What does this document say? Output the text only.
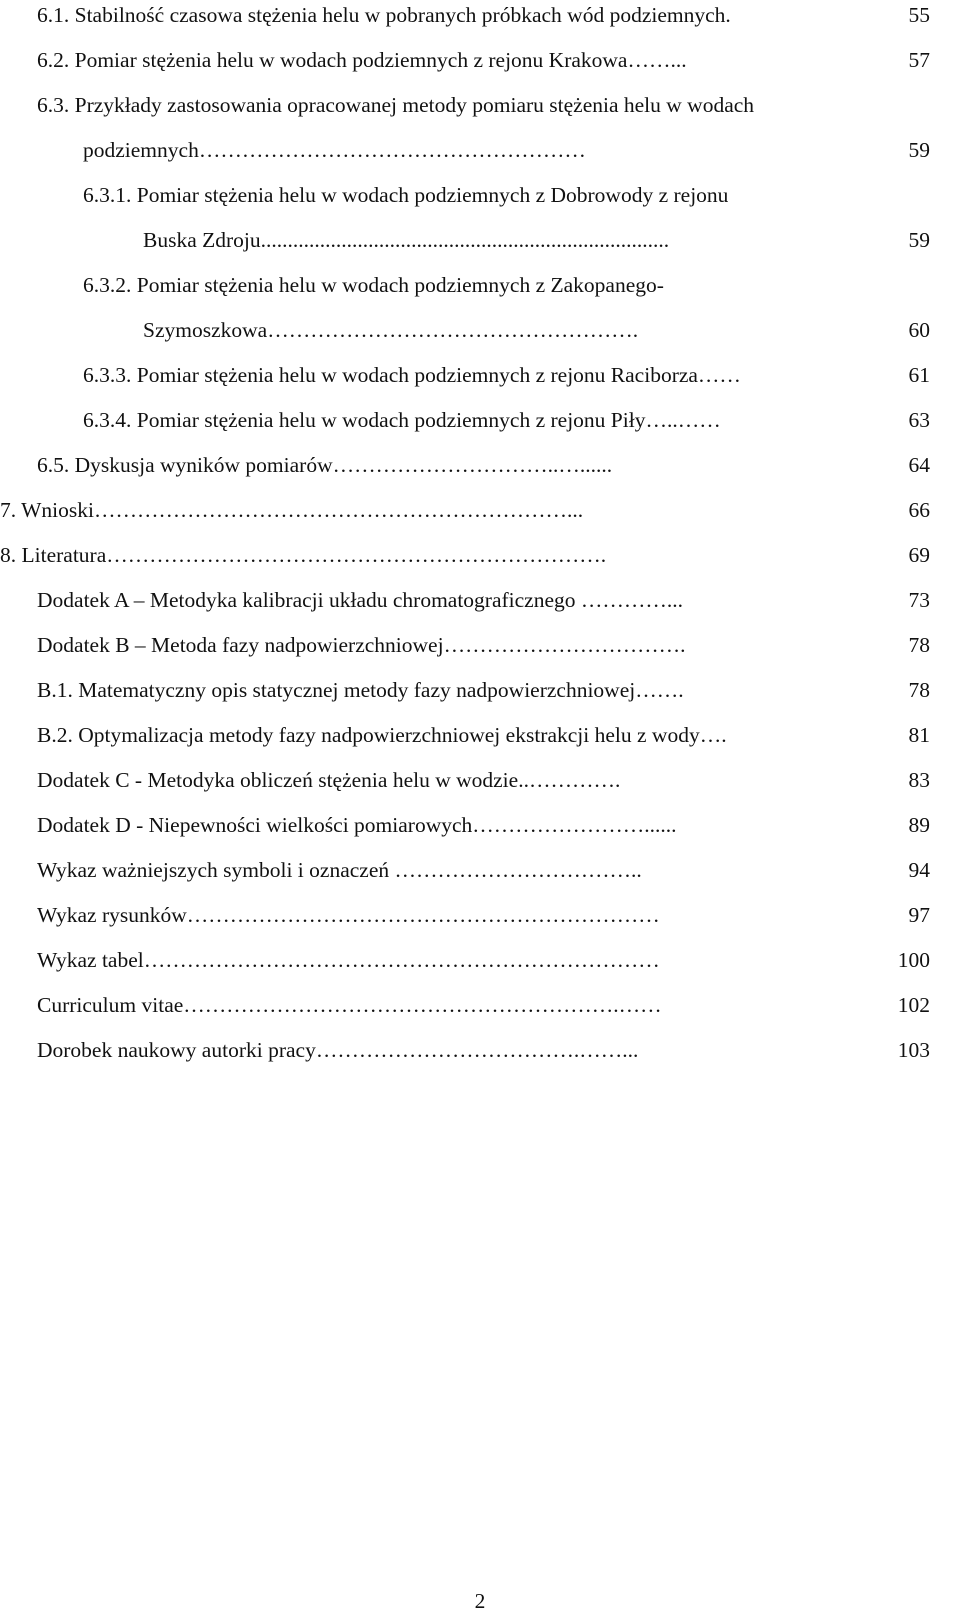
6.1. Stabilność czasowa stężenia helu w pobranych próbkach wód podziemnych.	55
6.2. Pomiar stężenia helu w wodach podziemnych z rejonu Krakowa……...	57
6.3. Przykłady zastosowania opracowanej metody pomiaru stężenia helu w wodach
podziemnych………………………………………………	59
6.3.1. Pomiar stężenia helu w wodach podziemnych z Dobrowody z rejonu
Buska Zdroju............................................................................	59
6.3.2. Pomiar stężenia helu w wodach podziemnych z Zakopanego-
Szymoszkowa…………………………………………….	60
6.3.3. Pomiar stężenia helu w wodach podziemnych z rejonu Raciborza……	61
6.3.4. Pomiar stężenia helu w wodach podziemnych z rejonu Piły…..……	63
6.5. Dyskusja wyników pomiarów…………………………..…......	64
7. Wnioski…………………………………………………………...	66
8. Literatura…………………………………………………………….	69
Dodatek A – Metodyka kalibracji układu chromatograficznego …………...	73
Dodatek B – Metoda fazy nadpowierzchniowej…………………………….	78
B.1. Matematyczny opis statycznej metody fazy nadpowierzchniowej…….	78
B.2. Optymalizacja metody fazy nadpowierzchniowej ekstrakcji helu z wody….	81
Dodatek C - Metodyka obliczeń stężenia helu w wodzie..………….	83
Dodatek D - Niepewności wielkości pomiarowych……………………......	89
Wykaz ważniejszych symboli i oznaczeń ……………………………..	94
Wykaz rysunków…………………………………………………………	97
Wykaz tabel………………………………………………………………	100
Curriculum vitae…………………………………………………….……	102
Dorobek naukowy autorki pracy……………………………….……...	103
2
